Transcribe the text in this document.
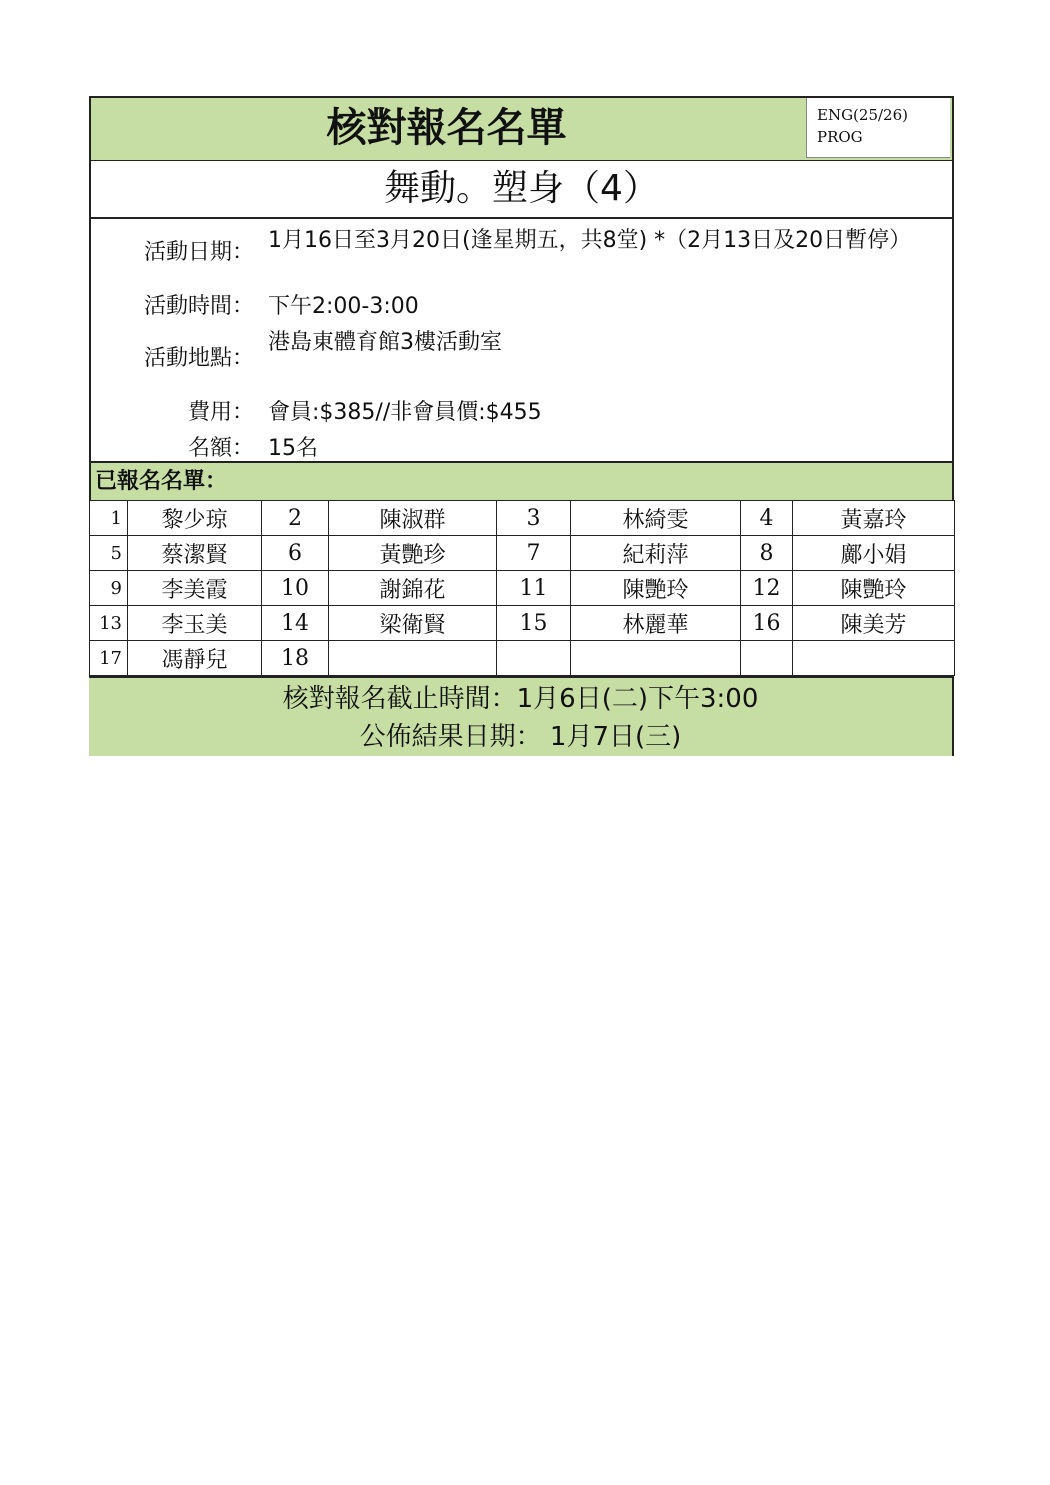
核對報名名單	ENG(25/26)
PROG
舞動。塑身（4）
活動日期： 1月16日至3月20日(逢星期五，共8堂) *（2月13日及20日暫停）
活動時間： 下午2:00-3:00
活動地點：
港島東體育館3樓活動室
費用： 會員:$385//非會員價:$455
名額： 15名
已報名名單：
1	黎少琼	2	陳淑群	3	林綺雯	4	黃嘉玲
5	蔡潔賢	6	黃艷珍	7	紀莉萍	8	鄺小娟
9	李美霞	10	謝錦花	11	陳艷玲	12	陳艷玲
13	李玉美	14	梁衛賢	15	林麗華	16	陳美芳
17	馮靜兒	18					
核對報名截止時間：1月6日(二)下午3:00
公佈結果日期： 1月7日(三)
